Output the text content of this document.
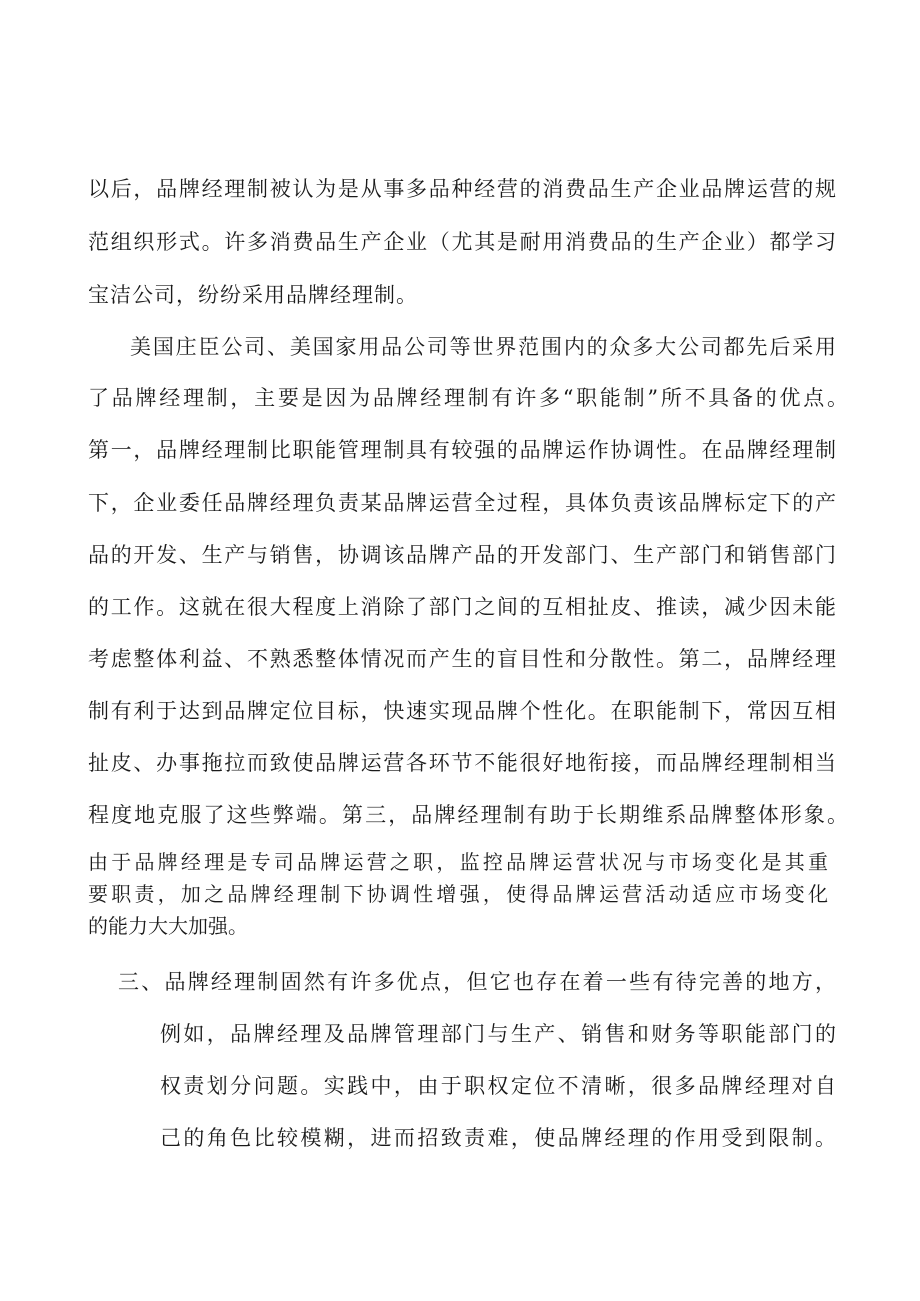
以后，品牌经理制被认为是从事多品种经营的消费品生产企业品牌运营的规
范组织形式。许多消费品生产企业（尤其是耐用消费品的生产企业）都学习
宝洁公司，纷纷采用品牌经理制。
美国庄臣公司、美国家用品公司等世界范围内的众多大公司都先后采用
了品牌经理制，主要是因为品牌经理制有许多“职能制”所不具备的优点。
第一，品牌经理制比职能管理制具有较强的品牌运作协调性。在品牌经理制
下，企业委任品牌经理负责某品牌运营全过程，具体负责该品牌标定下的产
品的开发、生产与销售，协调该品牌产品的开发部门、生产部门和销售部门
的工作。这就在很大程度上消除了部门之间的互相扯皮、推读，减少因未能
考虑整体利益、不熟悉整体情况而产生的盲目性和分散性。第二，品牌经理
制有利于达到品牌定位目标，快速实现品牌个性化。在职能制下，常因互相
扯皮、办事拖拉而致使品牌运营各环节不能很好地衔接，而品牌经理制相当
程度地克服了这些弊端。第三，品牌经理制有助于长期维系品牌整体形象。
由于品牌经理是专司品牌运营之职，监控品牌运营状况与市场变化是其重
要职责，加之品牌经理制下协调性增强，使得品牌运营活动适应市场变化
的能力大大加强。
三、品牌经理制固然有许多优点，但它也存在着一些有待完善的地方，
例如，品牌经理及品牌管理部门与生产、销售和财务等职能部门的
权责划分问题。实践中，由于职权定位不清晰，很多品牌经理对自
己的角色比较模糊，进而招致责难，使品牌经理的作用受到限制。
